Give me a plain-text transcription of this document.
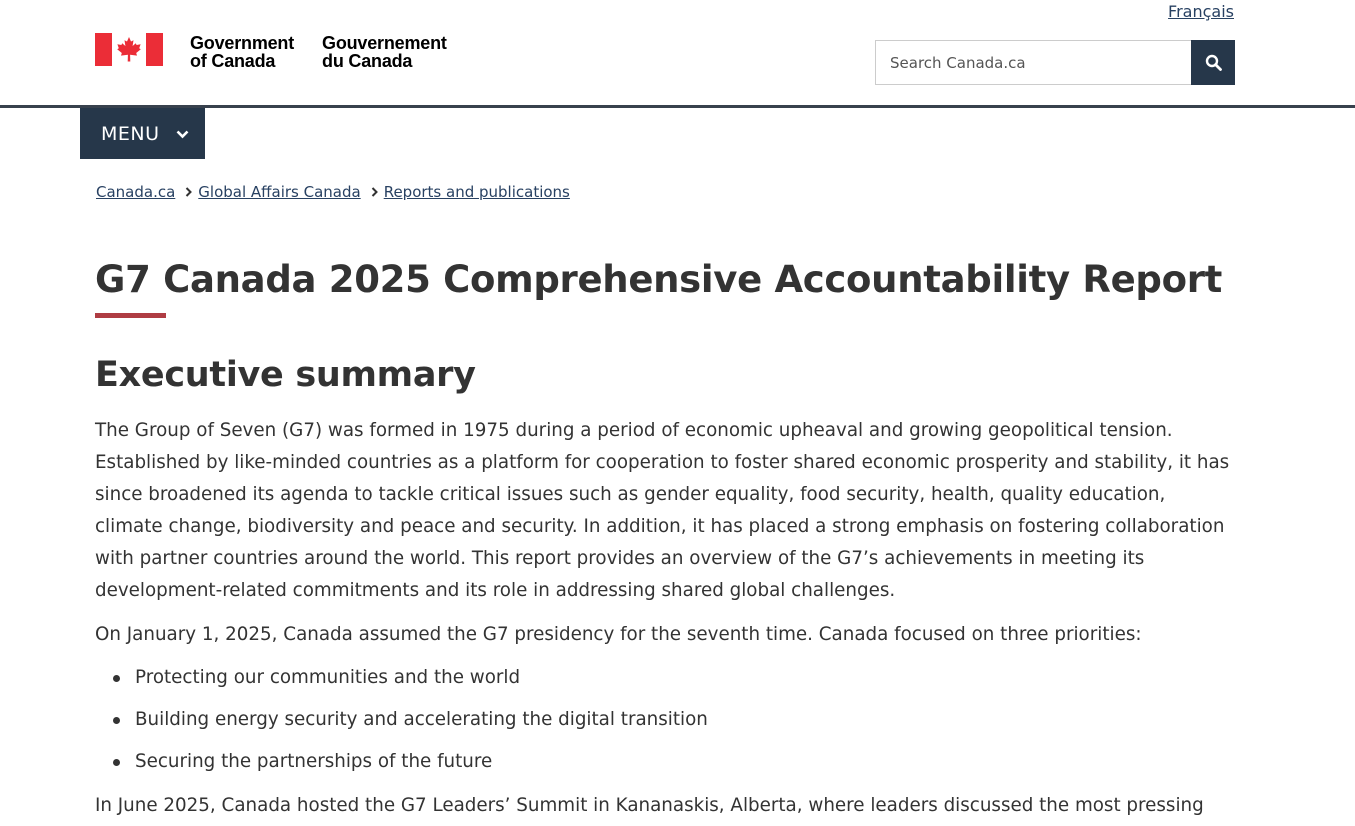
Français
Government
of Canada
Gouvernement
du Canada
Search Canada.ca
MENU
Canada.ca Global Affairs Canada Reports and publications
G7 Canada 2025 Comprehensive Accountability Report
Executive summary

The Group of Seven (G7) was formed in 1975 during a period of economic upheaval and growing geopolitical tension. Established by like-minded countries as a platform for cooperation to foster shared economic prosperity and stability, it has since broadened its agenda to tackle critical issues such as gender equality, food security, health, quality education, climate change, biodiversity and peace and security. In addition, it has placed a strong emphasis on fostering collaboration with partner countries around the world. This report provides an overview of the G7’s achievements in meeting its development-related commitments and its role in addressing shared global challenges.

On January 1, 2025, Canada assumed the G7 presidency for the seventh time. Canada focused on three priorities:

Protecting our communities and the world
Building energy security and accelerating the digital transition
Securing the partnerships of the future

In June 2025, Canada hosted the G7 Leaders’ Summit in Kananaskis, Alberta, where leaders discussed the most pressing
